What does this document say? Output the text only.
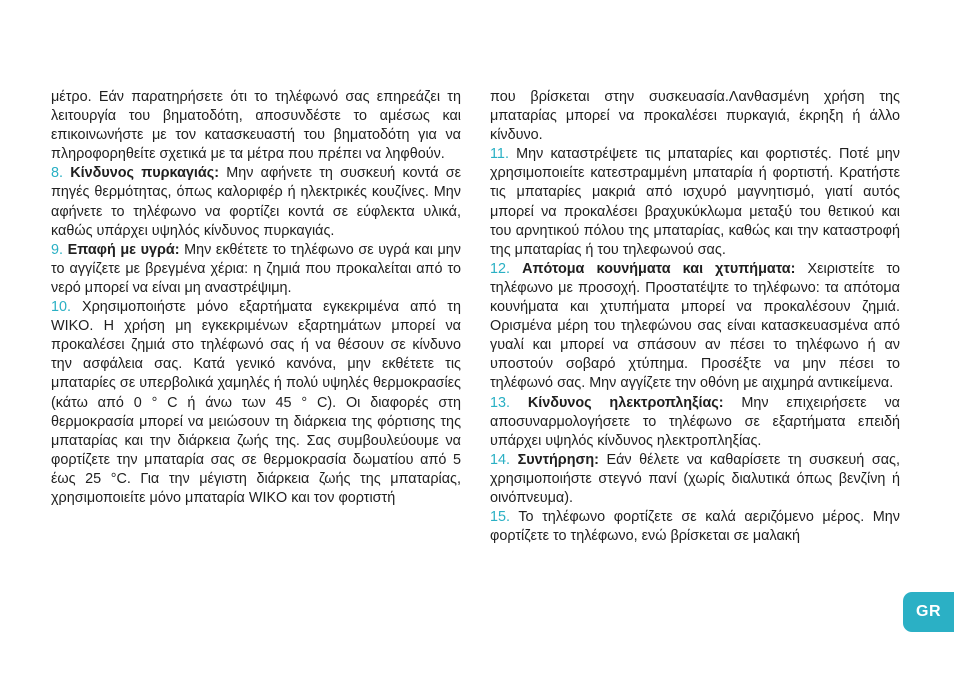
μέτρο. Εάν παρατηρήσετε ότι το τηλέφωνό σας επηρεάζει τη λειτουργία του βηματοδότη, αποσυνδέστε το αμέσως και επικοινωνήστε με τον κατασκευαστή του βηματοδότη για να πληροφορηθείτε σχετικά με τα μέτρα που πρέπει να ληφθούν.

8. Κίνδυνος πυρκαγιάς: Μην αφήνετε τη συσκευή κοντά σε πηγές θερμότητας, όπως καλοριφέρ ή ηλεκτρικές κουζίνες. Μην αφήνετε το τηλέφωνο να φορτίζει κοντά σε εύφλεκτα υλικά, καθώς υπάρχει υψηλός κίνδυνος πυρκαγιάς.

9. Επαφή με υγρά: Μην εκθέτετε το τηλέφωνο σε υγρά και μην το αγγίζετε με βρεγμένα χέρια: η ζημιά που προκαλείται από το νερό μπορεί να είναι μη αναστρέψιμη.

10. Χρησιμοποιήστε μόνο εξαρτήματα εγκεκριμένα από τη WIKO. Η χρήση μη εγκεκριμένων εξαρτημάτων μπορεί να προκαλέσει ζημιά στο τηλέφωνό σας ή να θέσουν σε κίνδυνο την ασφάλεια σας. Κατά γενικό κανόνα, μην εκθέτετε τις μπαταρίες σε υπερβολικά χαμηλές ή πολύ υψηλές θερμοκρασίες (κάτω από 0 ° C ή άνω των 45 ° C). Οι διαφορές στη θερμοκρασία μπορεί να μειώσουν τη διάρκεια της φόρτισης της μπαταρίας και την διάρκεια ζωής της. Σας συμβουλεύουμε να φορτίζετε την μπαταρία σας σε θερμοκρασία δωματίου από 5 έως 25 °C. Για την μέγιστη διάρκεια ζωής της μπαταρίας, χρησιμοποιείτε μόνο μπαταρία WIKO και τον φορτιστή

που βρίσκεται στην συσκευασία.Λανθασμένη χρήση της μπαταρίας μπορεί να προκαλέσει πυρκαγιά, έκρηξη ή άλλο κίνδυνο.

11. Μην καταστρέψετε τις μπαταρίες και φορτιστές. Ποτέ μην χρησιμοποιείτε κατεστραμμένη μπαταρία ή φορτιστή. Κρατήστε τις μπαταρίες μακριά από ισχυρό μαγνητισμό, γιατί αυτός μπορεί να προκαλέσει βραχυκύκλωμα μεταξύ του θετικού και του αρνητικού πόλου της μπαταρίας, καθώς και την καταστροφή της μπαταρίας ή του τηλεφωνού σας.

12. Απότομα κουνήματα και χτυπήματα: Χειριστείτε το τηλέφωνο με προσοχή. Προστατέψτε το τηλέφωνο: τα απότομα κουνήματα και χτυπήματα μπορεί να προκαλέσουν ζημιά. Ορισμένα μέρη του τηλεφώνου σας είναι κατασκευασμένα από γυαλί και μπορεί να σπάσουν αν πέσει το τηλέφωνο ή αν υποστούν σοβαρό χτύπημα. Προσέξτε να μην πέσει το τηλέφωνό σας. Μην αγγίζετε την οθόνη με αιχμηρά αντικείμενα.

13. Κίνδυνος ηλεκτροπληξίας: Μην επιχειρήσετε να αποσυναρμολογήσετε το τηλέφωνο σε εξαρτήματα επειδή υπάρχει υψηλός κίνδυνος ηλεκτροπληξίας.

14. Συντήρηση: Εάν θέλετε να καθαρίσετε τη συσκευή σας, χρησιμοποιήστε στεγνό πανί (χωρίς διαλυτικά όπως βενζίνη ή οινόπνευμα).

15. Το τηλέφωνο φορτίζετε σε καλά αεριζόμενο μέρος. Μην φορτίζετε το τηλέφωνο, ενώ βρίσκεται σε μαλακή

GR
